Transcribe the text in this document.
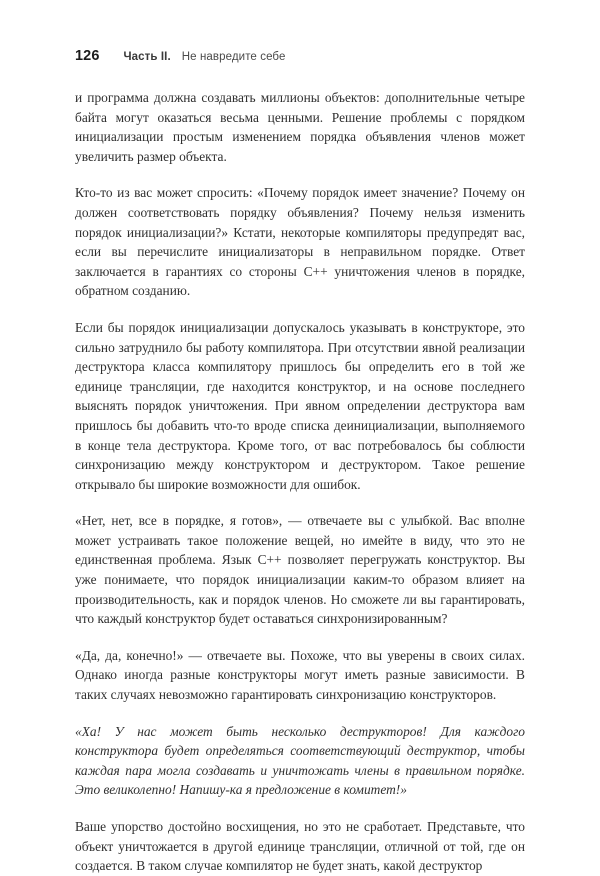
126 Часть II. Не навредите себе

и программа должна создавать миллионы объектов: дополнительные четыре байта могут оказаться весьма ценными. Решение проблемы с порядком инициализации простым изменением порядка объявления членов может увеличить размер объекта.

Кто-то из вас может спросить: «Почему порядок имеет значение? Почему он должен соответствовать порядку объявления? Почему нельзя изменить порядок инициализации?» Кстати, некоторые компиляторы предупредят вас, если вы перечислите инициализаторы в неправильном порядке. Ответ заключается в гарантиях со стороны C++ уничтожения членов в порядке, обратном созданию.

Если бы порядок инициализации допускалось указывать в конструкторе, это сильно затруднило бы работу компилятора. При отсутствии явной реализации деструктора класса компилятору пришлось бы определить его в той же единице трансляции, где находится конструктор, и на основе последнего выяснять порядок уничтожения. При явном определении деструктора вам пришлось бы добавить что-то вроде списка деинициализации, выполняемого в конце тела деструктора. Кроме того, от вас потребовалось бы соблюсти синхронизацию между конструктором и деструктором. Такое решение открывало бы широкие возможности для ошибок.

«Нет, нет, все в порядке, я готов», — отвечаете вы с улыбкой. Вас вполне может устраивать такое положение вещей, но имейте в виду, что это не единственная проблема. Язык C++ позволяет перегружать конструктор. Вы уже понимаете, что порядок инициализации каким-то образом влияет на производительность, как и порядок членов. Но сможете ли вы гарантировать, что каждый конструктор будет оставаться синхронизированным?

«Да, да, конечно!» — отвечаете вы. Похоже, что вы уверены в своих силах. Однако иногда разные конструкторы могут иметь разные зависимости. В таких случаях невозможно гарантировать синхронизацию конструкторов.

«Ха! У нас может быть несколько деструкторов! Для каждого конструктора будет определяться соответствующий деструктор, чтобы каждая пара могла создавать и уничтожать члены в правильном порядке. Это великолепно! Напишу-ка я предложение в комитет!»

Ваше упорство достойно восхищения, но это не сработает. Представьте, что объект уничтожается в другой единице трансляции, отличной от той, где он создается. В таком случае компилятор не будет знать, какой деструктор
